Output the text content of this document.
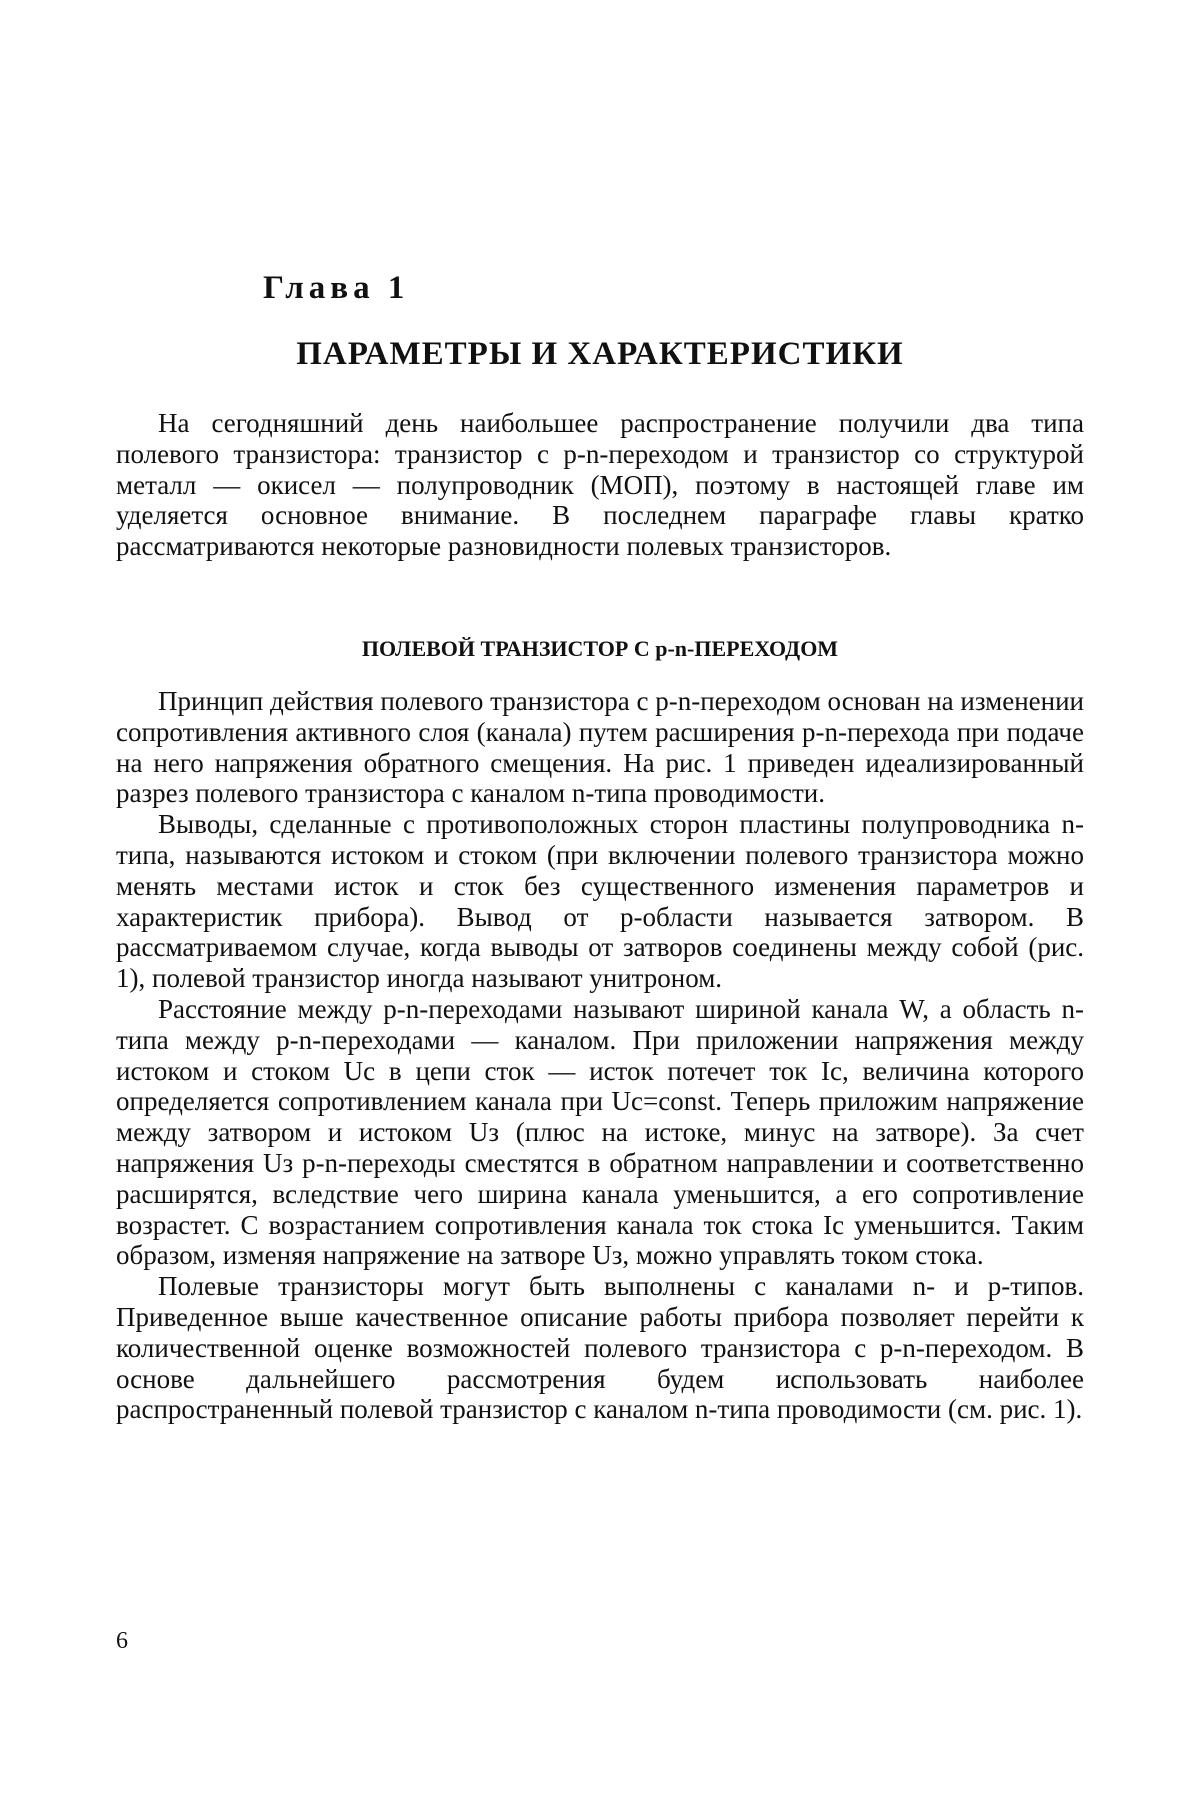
Глава 1
ПАРАМЕТРЫ И ХАРАКТЕРИСТИКИ

На сегодняшний день наибольшее распространение получили два типа полевого транзистора: транзистор с p-n-переходом и транзистор со структурой металл — окисел — полупроводник (МОП), поэтому в настоящей главе им уделяется основное внимание. В последнем параграфе главы кратко рассматриваются некоторые разновидности полевых транзисторов.

ПОЛЕВОЙ ТРАНЗИСТОР С p-n-ПЕРЕХОДОМ

Принцип действия полевого транзистора с p-n-переходом основан на изменении сопротивления активного слоя (канала) путем расширения p-n-перехода при подаче на него напряжения обратного смещения. На рис. 1 приведен идеализированный разрез полевого транзистора с каналом n-типа проводимости.

Выводы, сделанные с противоположных сторон пластины полупроводника n-типа, называются истоком и стоком (при включении полевого транзистора можно менять местами исток и сток без существенного изменения параметров и характеристик прибора). Вывод от p-области называется затвором. В рассматриваемом случае, когда выводы от затворов соединены между собой (рис. 1), полевой транзистор иногда называют унитроном.

Расстояние между p-n-переходами называют шириной канала W, а область n-типа между p-n-переходами — каналом. При приложении напряжения между истоком и стоком Uс в цепи сток — исток потечет ток Iс, величина которого определяется сопротивлением канала при Uс=const. Теперь приложим напряжение между затвором и истоком Uз (плюс на истоке, минус на затворе). За счет напряжения Uз p-n-переходы сместятся в обратном направлении и соответственно расширятся, вследствие чего ширина канала уменьшится, а его сопротивление возрастет. С возрастанием сопротивления канала ток стока Iс уменьшится. Таким образом, изменяя напряжение на затворе Uз, можно управлять током стока.

Полевые транзисторы могут быть выполнены с каналами n- и p-типов. Приведенное выше качественное описание работы прибора позволяет перейти к количественной оценке возможностей полевого транзистора с p-n-переходом. В основе дальнейшего рассмотрения будем использовать наиболее распространенный полевой транзистор с каналом n-типа проводимости (см. рис. 1).

6
